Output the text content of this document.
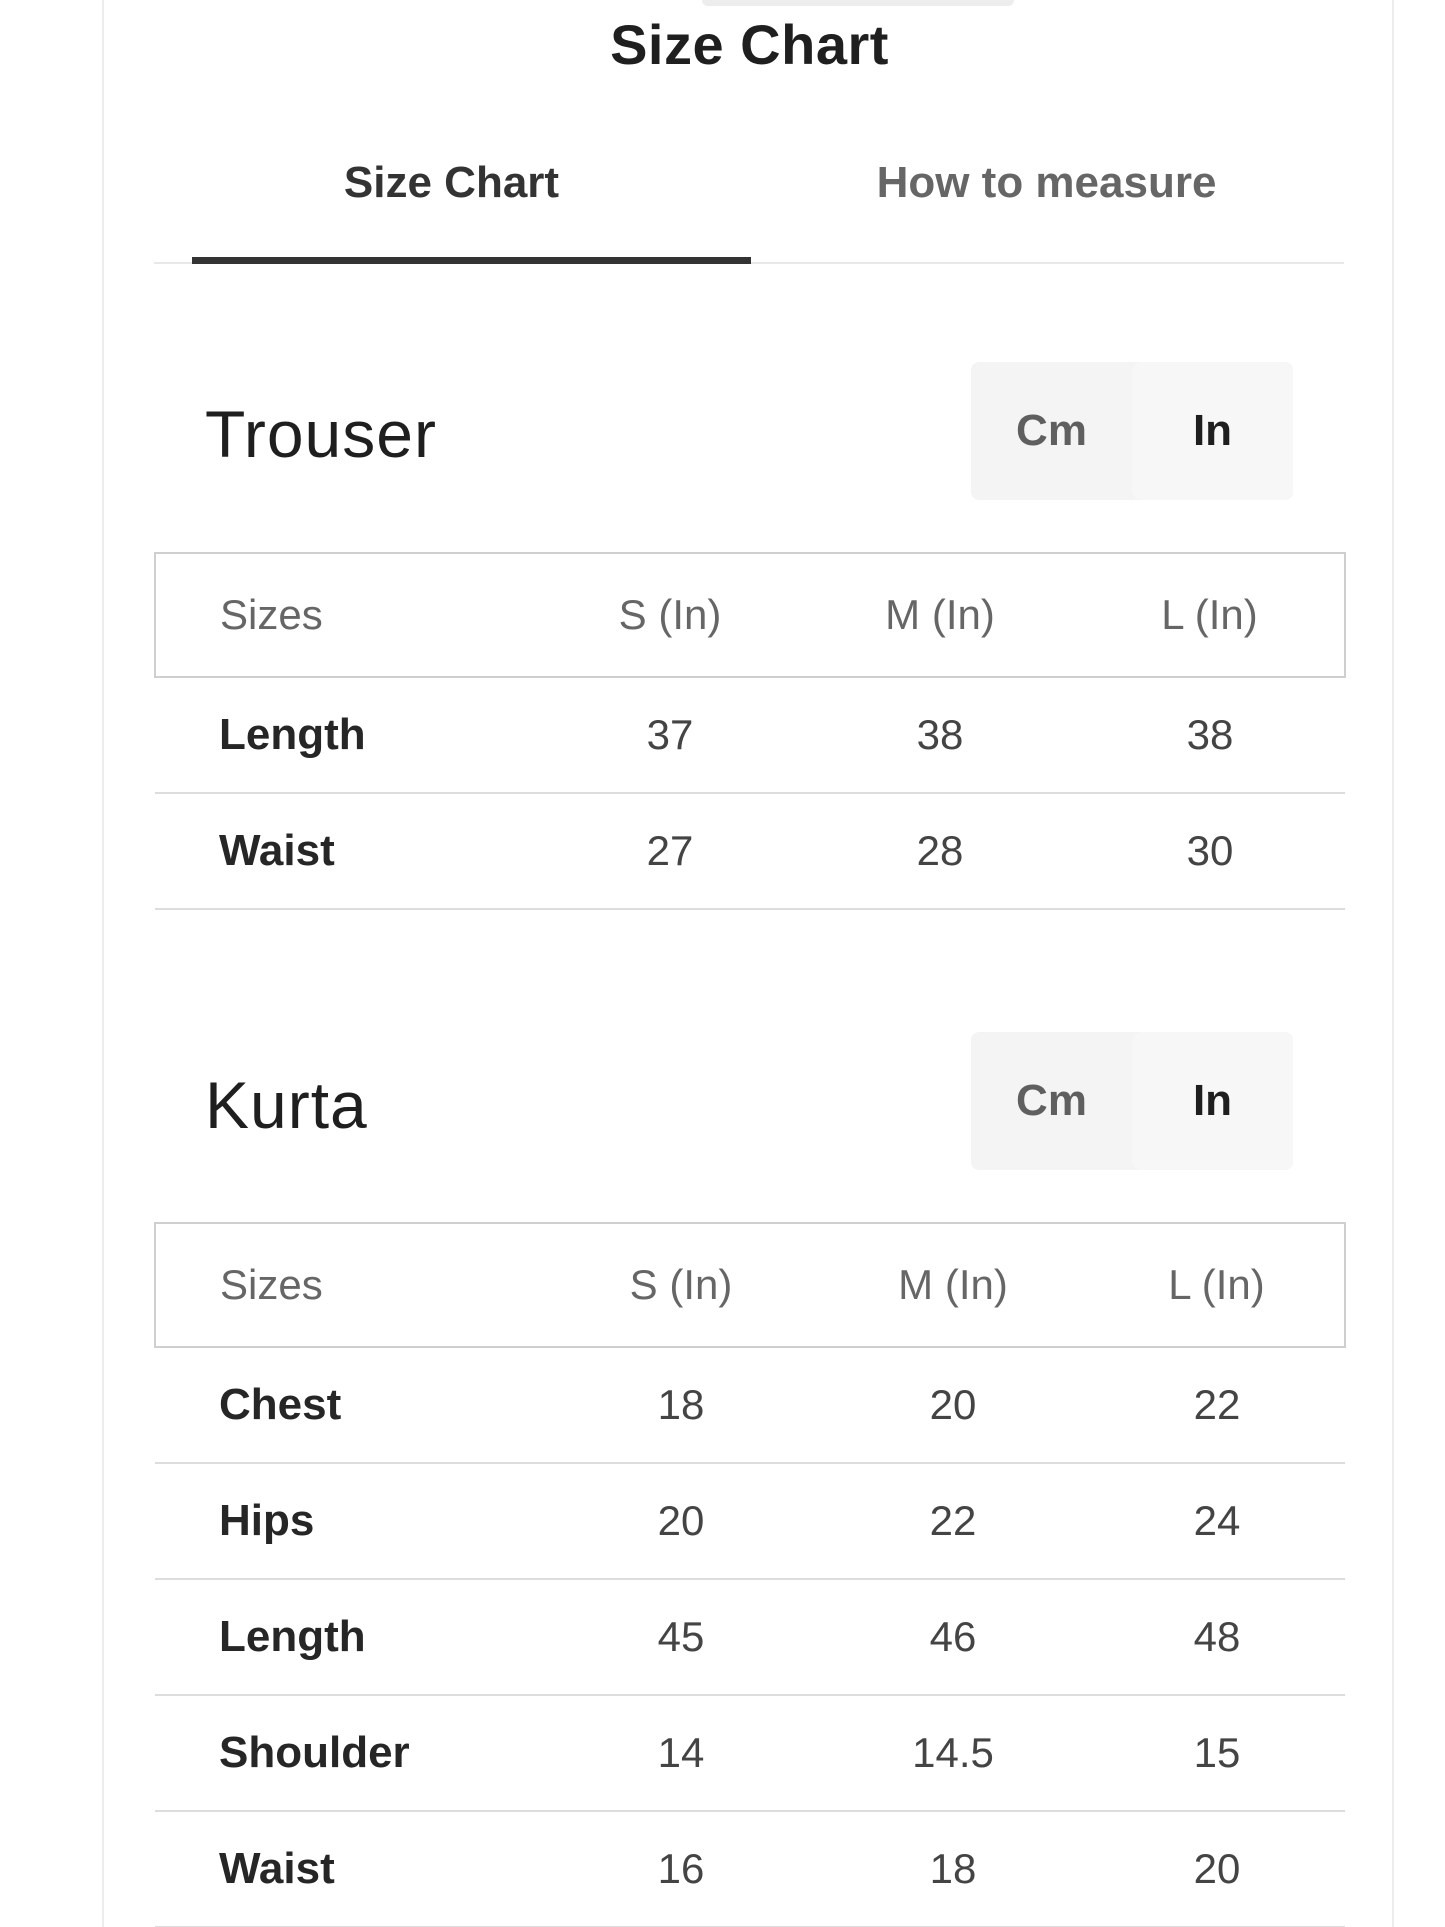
Size Chart
Size Chart	How to measure
Trouser	Cm	In
Sizes	S (In)	M (In)	L (In)
Length	37	38	38
Waist	27	28	30
Kurta	Cm	In
Sizes	S (In)	M (In)	L (In)
Chest	18	20	22
Hips	20	22	24
Length	45	46	48
Shoulder	14	14.5	15
Waist	16	18	20
